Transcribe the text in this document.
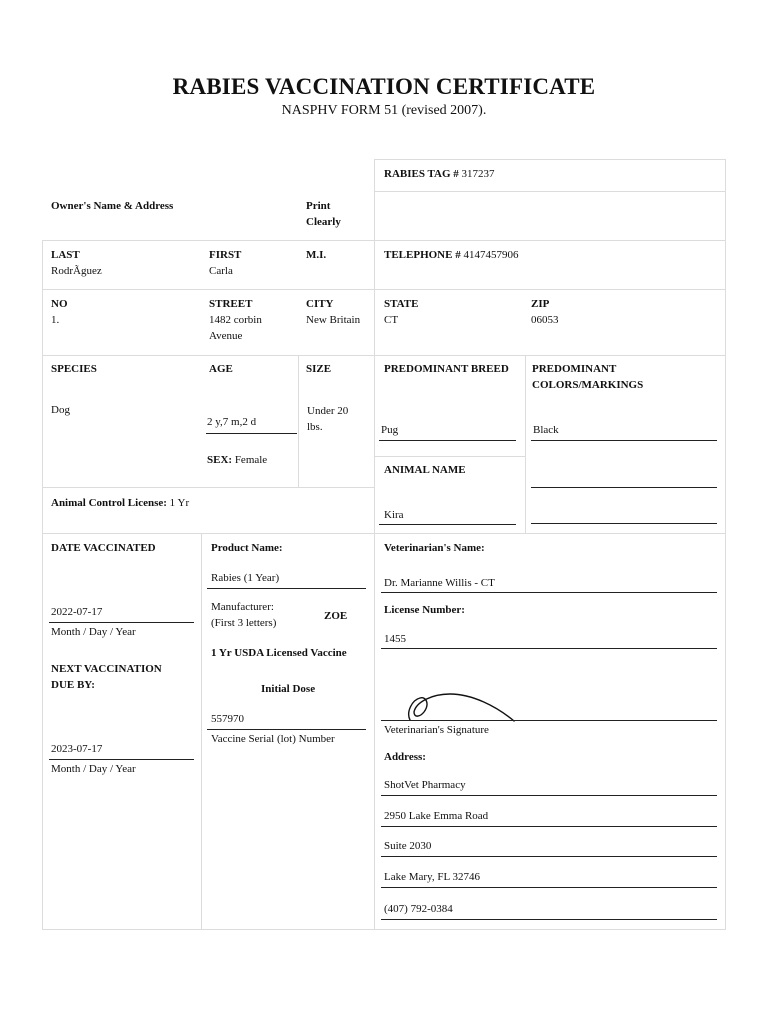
RABIES VACCINATION CERTIFICATE
NASPHV FORM 51 (revised 2007).
RABIES TAG # 317237
Owner's Name & Address	Print
Clearly
LAST
RodrÃguez
FIRST
Carla
M.I.	TELEPHONE # 4147457906
NO
1.
STREET
1482 corbin
Avenue
CITY
New Britain
STATE
CT
ZIP
06053
SPECIES
Dog
AGE
2 y,7 m,2 d
SEX: Female
SIZE
Under 20
lbs.
PREDOMINANT BREED
Pug
PREDOMINANT
COLORS/MARKINGS
Black
ANIMAL NAME
Kira
Animal Control License: 1 Yr
DATE VACCINATED
2022-07-17
Month / Day / Year
NEXT VACCINATION
DUE BY:
2023-07-17
Month / Day / Year
Product Name:
Rabies (1 Year)
Manufacturer:
(First 3 letters)
ZOE
1 Yr USDA Licensed Vaccine
Initial Dose
557970
Vaccine Serial (lot) Number
Veterinarian's Name:
Dr. Marianne Willis - CT
License Number:
1455
Veterinarian's Signature
Address:
ShotVet Pharmacy
2950 Lake Emma Road
Suite 2030
Lake Mary, FL 32746
(407) 792-0384
